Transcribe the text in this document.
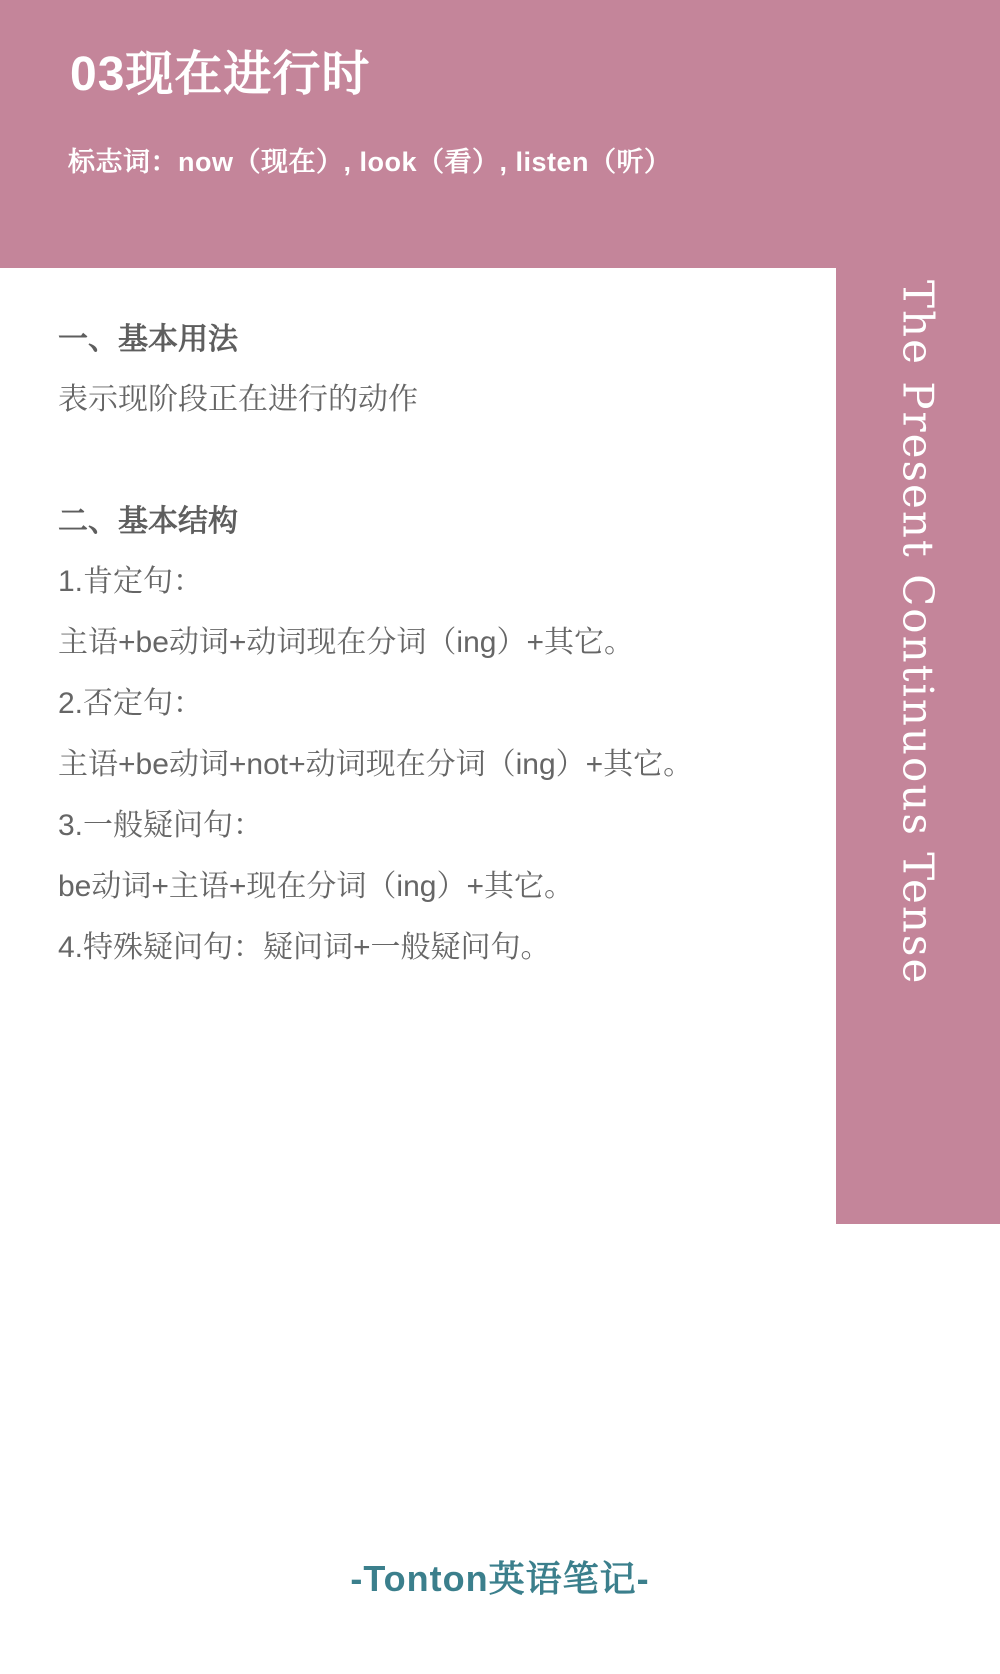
03现在进行时
标志词：now（现在）, look（看）, listen（听）
The Present Continuous Tense
一、基本用法
表示现阶段正在进行的动作
二、基本结构
1.肯定句：
主语+be动词+动词现在分词（ing）+其它。
2.否定句：
主语+be动词+not+动词现在分词（ing）+其它。
3.一般疑问句：
be动词+主语+现在分词（ing）+其它。
4.特殊疑问句：疑问词+一般疑问句。
-Tonton英语笔记-
